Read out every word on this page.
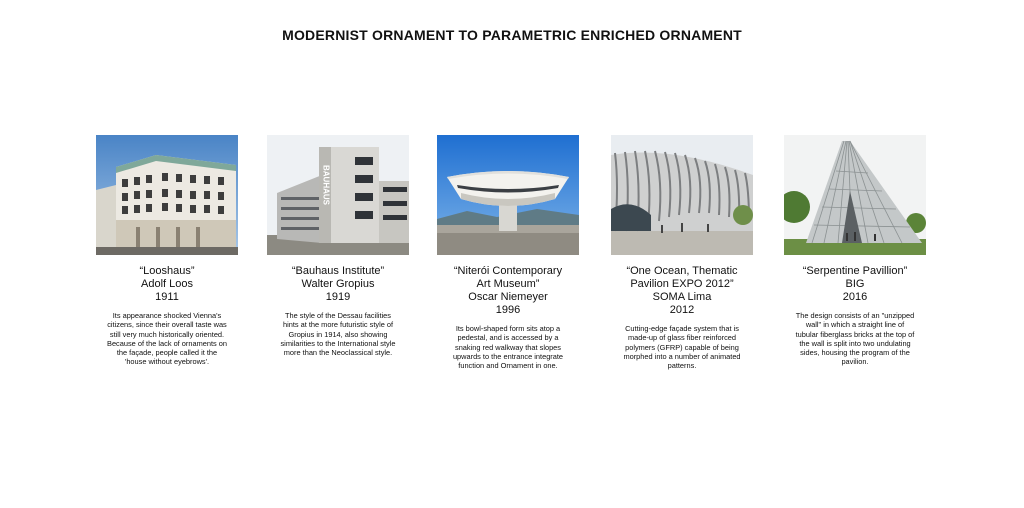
MODERNIST ORNAMENT TO PARAMETRIC ENRICHED ORNAMENT
“Looshaus”
Adolf Loos
1911
Its appearance shocked Vienna's citizens, since their overall taste was still very much historically oriented. Because of the lack of ornaments on the façade, people called it the 'house without eyebrows'.
BAUHAUS
“Bauhaus Institute”
Walter Gropius
1919
The style of the Dessau facilities hints at the more futuristic style of Gropius in 1914, also showing similarities to the International style more than the Neoclassical style.
“Niterói Contemporary
Art Museum”
Oscar Niemeyer
1996
Its bowl-shaped form sits atop a pedestal, and is accessed by a snaking red walkway that slopes upwards to the entrance integrate function and Ornament in one.
“One Ocean, Thematic
Pavilion EXPO 2012”
SOMA Lima
2012
Cutting-edge façade system that is made-up of glass fiber reinforced polymers (GFRP) capable of being morphed into a number of animated patterns.
“Serpentine Pavillion”
BIG
2016
The design consists of an "unzipped wall" in which a straight line of tubular fiberglass bricks at the top of the wall is split into two undulating sides, housing the program of the pavilion.
